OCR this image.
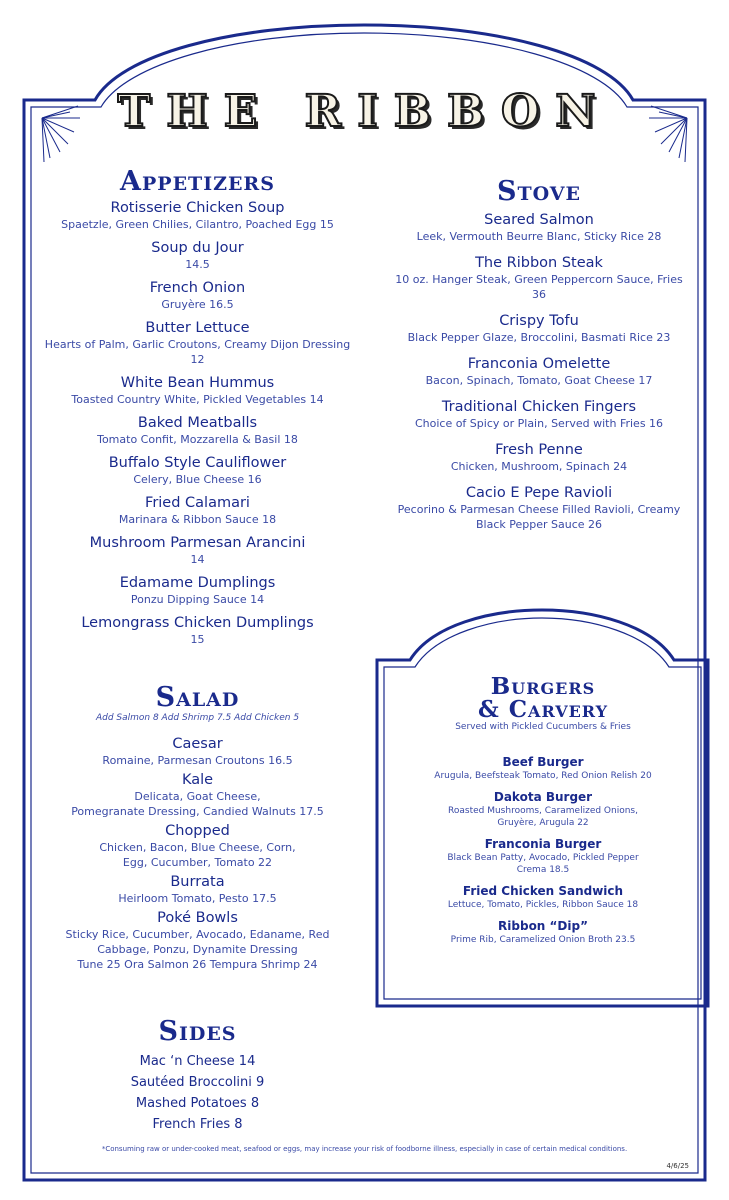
THE RIBBON
Appetizers
Rotisserie Chicken Soup
Spaetzle, Green Chilies, Cilantro, Poached Egg 15
Soup du Jour
14.5
French Onion
Gruyère 16.5
Butter Lettuce
Hearts of Palm, Garlic Croutons, Creamy Dijon Dressing
12
White Bean Hummus
Toasted Country White, Pickled Vegetables 14
Baked Meatballs
Tomato Confit, Mozzarella & Basil 18
Buffalo Style Cauliflower
Celery, Blue Cheese 16
Fried Calamari
Marinara & Ribbon Sauce 18
Mushroom Parmesan Arancini
14
Edamame Dumplings
Ponzu Dipping Sauce 14
Lemongrass Chicken Dumplings
15
Salad
Add Salmon 8 Add Shrimp 7.5 Add Chicken 5
Caesar
Romaine, Parmesan Croutons 16.5
Kale
Delicata, Goat Cheese,
Pomegranate Dressing, Candied Walnuts 17.5
Chopped
Chicken, Bacon, Blue Cheese, Corn,
Egg, Cucumber, Tomato 22
Burrata
Heirloom Tomato, Pesto 17.5
Poké Bowls
Sticky Rice, Cucumber, Avocado, Edaname, Red
Cabbage, Ponzu, Dynamite Dressing
Tune 25 Ora Salmon 26 Tempura Shrimp 24
Sides
Mac ‘n Cheese 14
Sautéed Broccolini 9
Mashed Potatoes 8
French Fries 8
Stove
Seared Salmon
Leek, Vermouth Beurre Blanc, Sticky Rice 28
The Ribbon Steak
10 oz. Hanger Steak, Green Peppercorn Sauce, Fries
36
Crispy Tofu
Black Pepper Glaze, Broccolini, Basmati Rice 23
Franconia Omelette
Bacon, Spinach, Tomato, Goat Cheese 17
Traditional Chicken Fingers
Choice of Spicy or Plain, Served with Fries 16
Fresh Penne
Chicken, Mushroom, Spinach 24
Cacio E Pepe Ravioli
Pecorino & Parmesan Cheese Filled Ravioli, Creamy
Black Pepper Sauce 26
Burgers
& Carvery
Served with Pickled Cucumbers & Fries
Beef Burger
Arugula, Beefsteak Tomato, Red Onion Relish 20
Dakota Burger
Roasted Mushrooms, Caramelized Onions,
Gruyère, Arugula 22
Franconia Burger
Black Bean Patty, Avocado, Pickled Pepper
Crema 18.5
Fried Chicken Sandwich
Lettuce, Tomato, Pickles, Ribbon Sauce 18
Ribbon “Dip”
Prime Rib, Caramelized Onion Broth 23.5
*Consuming raw or under-cooked meat, seafood or eggs, may increase your risk of foodborne illness, especially in case of certain medical conditions.
4/6/25
